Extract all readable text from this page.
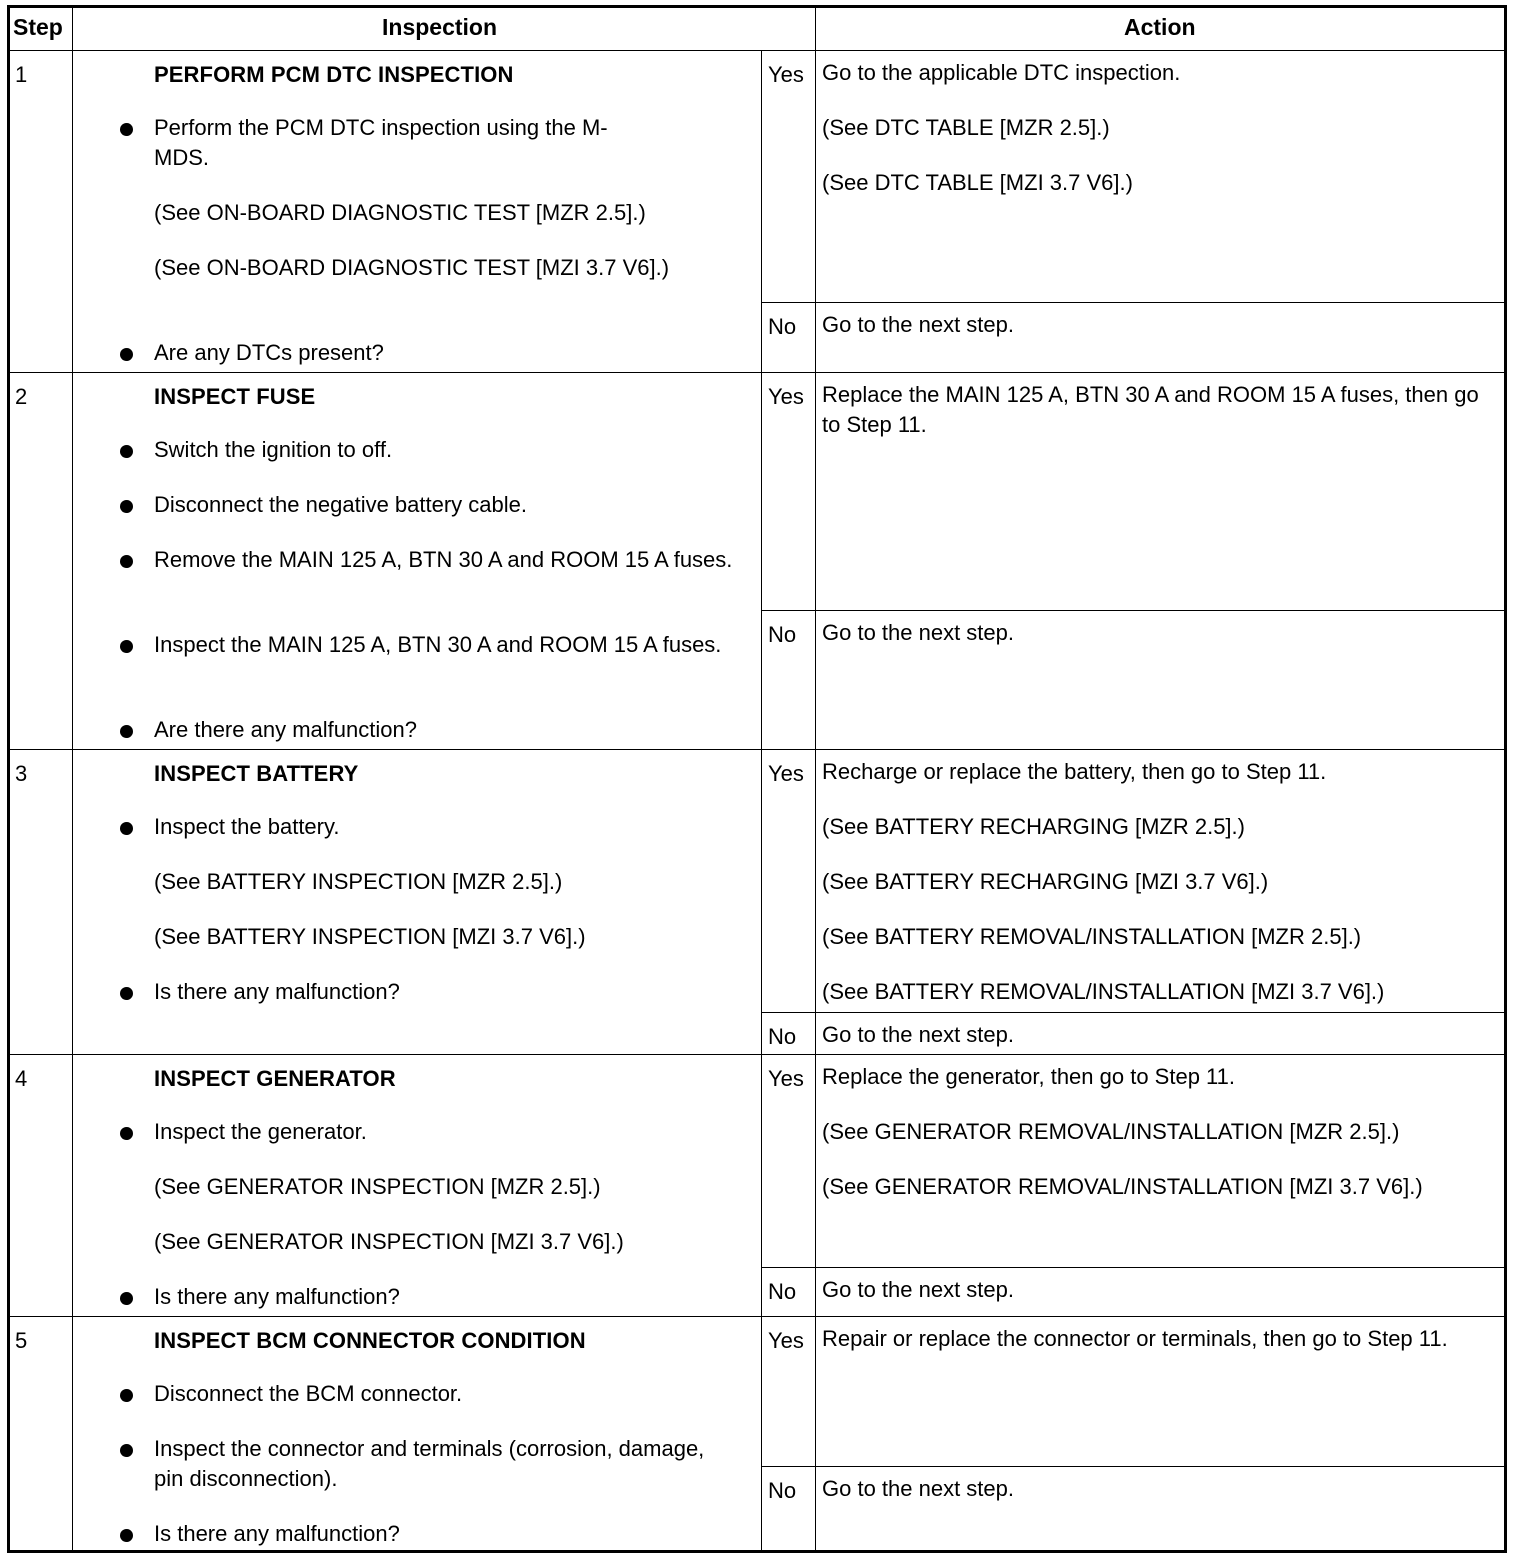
Step	Inspection	Action
1	PERFORM PCM DTC INSPECTION
Perform the PCM DTC inspection using the M-MDS.
(See ON-BOARD DIAGNOSTIC TEST [MZR 2.5].)
(See ON-BOARD DIAGNOSTIC TEST [MZI 3.7 V6].)
Are any DTCs present?
Yes Go to the applicable DTC inspection.
(See DTC TABLE [MZR 2.5].)
(See DTC TABLE [MZI 3.7 V6].)
No Go to the next step.
2	INSPECT FUSE
Switch the ignition to off.
Disconnect the negative battery cable.
Remove the MAIN 125 A, BTN 30 A and ROOM 15 A fuses.
Inspect the MAIN 125 A, BTN 30 A and ROOM 15 A fuses.
Are there any malfunction?
Yes Replace the MAIN 125 A, BTN 30 A and ROOM 15 A fuses, then go to Step 11.
No Go to the next step.
3	INSPECT BATTERY
Inspect the battery.
(See BATTERY INSPECTION [MZR 2.5].)
(See BATTERY INSPECTION [MZI 3.7 V6].)
Is there any malfunction?
Yes Recharge or replace the battery, then go to Step 11.
(See BATTERY RECHARGING [MZR 2.5].)
(See BATTERY RECHARGING [MZI 3.7 V6].)
(See BATTERY REMOVAL/INSTALLATION [MZR 2.5].)
(See BATTERY REMOVAL/INSTALLATION [MZI 3.7 V6].)
No Go to the next step.
4	INSPECT GENERATOR
Inspect the generator.
(See GENERATOR INSPECTION [MZR 2.5].)
(See GENERATOR INSPECTION [MZI 3.7 V6].)
Is there any malfunction?
Yes Replace the generator, then go to Step 11.
(See GENERATOR REMOVAL/INSTALLATION [MZR 2.5].)
(See GENERATOR REMOVAL/INSTALLATION [MZI 3.7 V6].)
No Go to the next step.
5	INSPECT BCM CONNECTOR CONDITION
Disconnect the BCM connector.
Inspect the connector and terminals (corrosion, damage, pin disconnection).
Is there any malfunction?
Yes Repair or replace the connector or terminals, then go to Step 11.
No Go to the next step.
